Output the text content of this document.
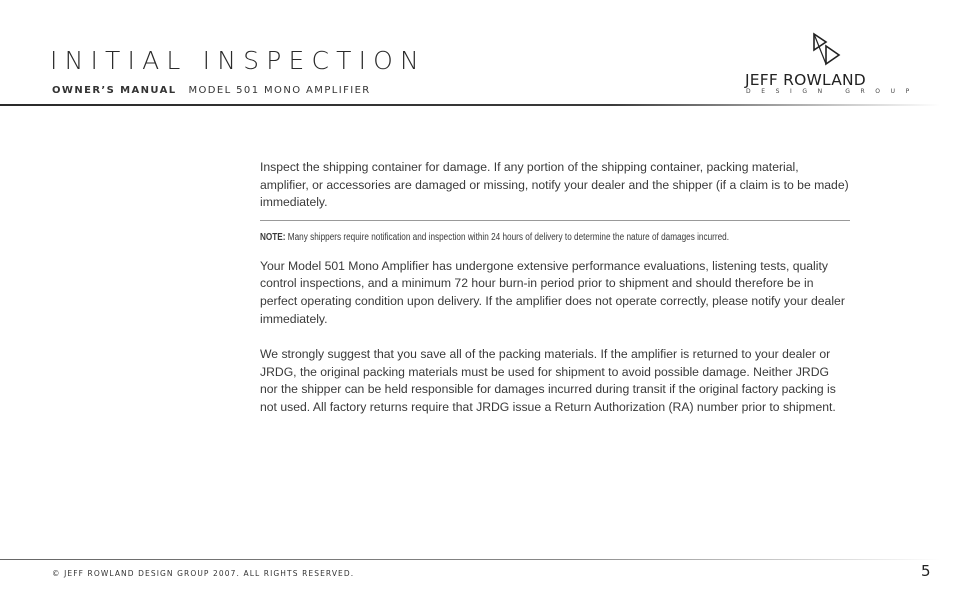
INITIAL INSPECTION
OWNER’S MANUAL MODEL 501 MONO AMPLIFIER
JEFF ROWLAND
DESIGN GROUP

Inspect the shipping container for damage. If any portion of the shipping container, packing material, amplifier, or accessories are damaged or missing, notify your dealer and the shipper (if a claim is to be made) immediately.

NOTE: Many shippers require notification and inspection within 24 hours of delivery to determine the nature of damages incurred.

Your Model 501 Mono Amplifier has undergone extensive performance evaluations, listening tests, quality control inspections, and a minimum 72 hour burn-in period prior to shipment and should therefore be in perfect operating condition upon delivery. If the amplifier does not operate correctly, please notify your dealer immediately.

We strongly suggest that you save all of the packing materials. If the amplifier is returned to your dealer or JRDG, the original packing materials must be used for shipment to avoid possible damage. Neither JRDG nor the shipper can be held responsible for damages incurred during transit if the original factory packing is not used. All factory returns require that JRDG issue a Return Authorization (RA) number prior to shipment.

© JEFF ROWLAND DESIGN GROUP 2007. ALL RIGHTS RESERVED.	5
